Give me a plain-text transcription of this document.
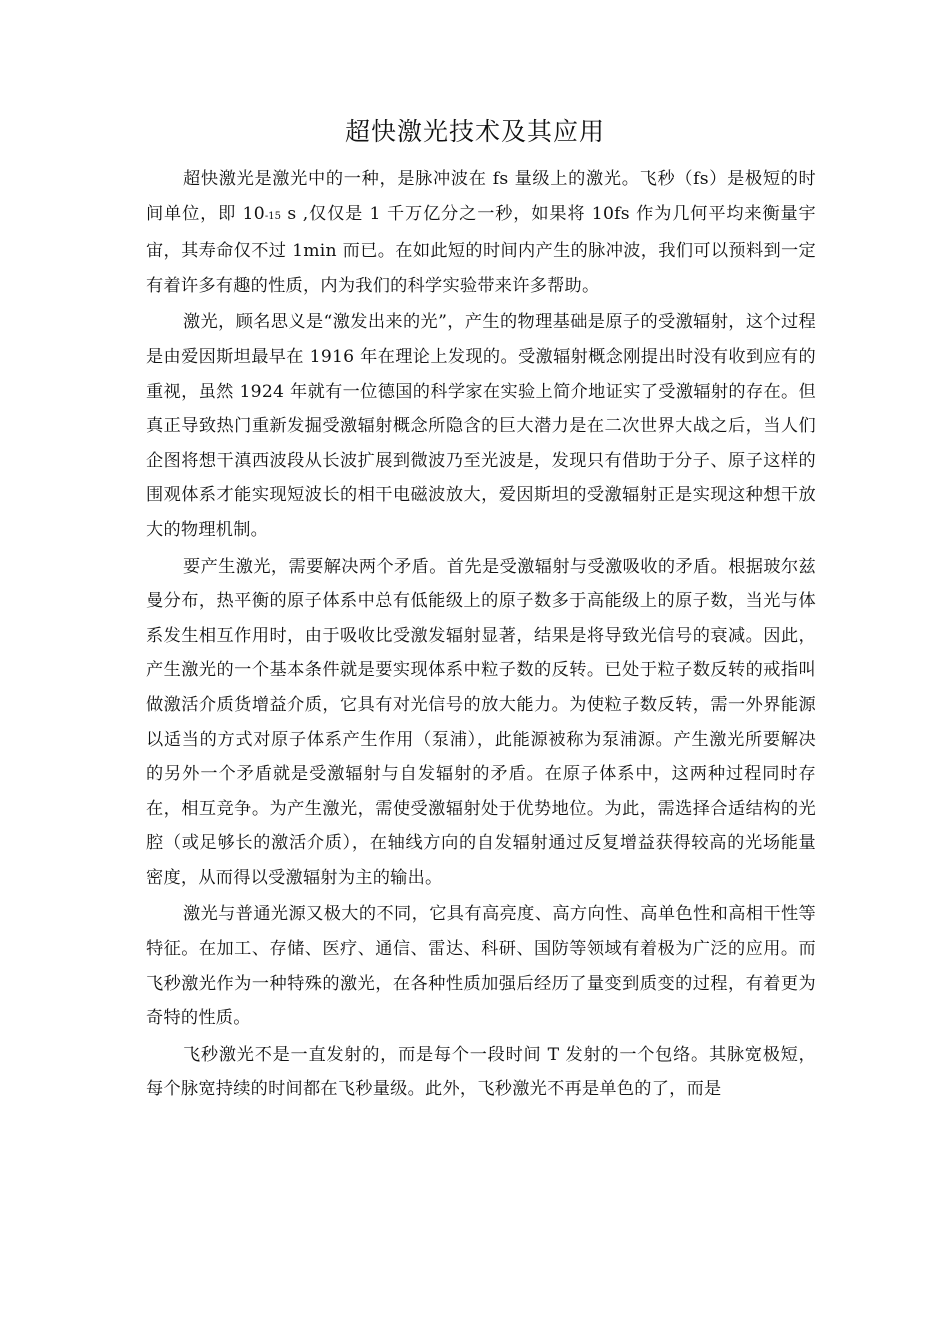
超快激光技术及其应用

超快激光是激光中的一种，是脉冲波在 fs 量级上的激光。飞秒（fs）是极短的时间单位，即 10-15 s ,仅仅是 1 千万亿分之一秒，如果将 10fs 作为几何平均来衡量宇宙，其寿命仅不过 1min 而已。在如此短的时间内产生的脉冲波，我们可以预料到一定有着许多有趣的性质，内为我们的科学实验带来许多帮助。

激光，顾名思义是“激发出来的光”，产生的物理基础是原子的受激辐射，这个过程是由爱因斯坦最早在 1916 年在理论上发现的。受激辐射概念刚提出时没有收到应有的重视，虽然 1924 年就有一位德国的科学家在实验上简介地证实了受激辐射的存在。但真正导致热门重新发掘受激辐射概念所隐含的巨大潜力是在二次世界大战之后，当人们企图将想干滇西波段从长波扩展到微波乃至光波是，发现只有借助于分子、原子这样的围观体系才能实现短波长的相干电磁波放大，爱因斯坦的受激辐射正是实现这种想干放大的物理机制。

要产生激光，需要解决两个矛盾。首先是受激辐射与受激吸收的矛盾。根据玻尔兹曼分布，热平衡的原子体系中总有低能级上的原子数多于高能级上的原子数，当光与体系发生相互作用时，由于吸收比受激发辐射显著，结果是将导致光信号的衰减。因此，产生激光的一个基本条件就是要实现体系中粒子数的反转。已处于粒子数反转的戒指叫做激活介质货增益介质，它具有对光信号的放大能力。为使粒子数反转，需一外界能源以适当的方式对原子体系产生作用（泵浦），此能源被称为泵浦源。产生激光所要解决的另外一个矛盾就是受激辐射与自发辐射的矛盾。在原子体系中，这两种过程同时存在，相互竞争。为产生激光，需使受激辐射处于优势地位。为此，需选择合适结构的光腔（或足够长的激活介质），在轴线方向的自发辐射通过反复增益获得较高的光场能量密度，从而得以受激辐射为主的输出。

激光与普通光源又极大的不同，它具有高亮度、高方向性、高单色性和高相干性等特征。在加工、存储、医疗、通信、雷达、科研、国防等领域有着极为广泛的应用。而飞秒激光作为一种特殊的激光，在各种性质加强后经历了量变到质变的过程，有着更为奇特的性质。

飞秒激光不是一直发射的，而是每个一段时间 T 发射的一个包络。其脉宽极短，每个脉宽持续的时间都在飞秒量级。此外，飞秒激光不再是单色的了，而是
